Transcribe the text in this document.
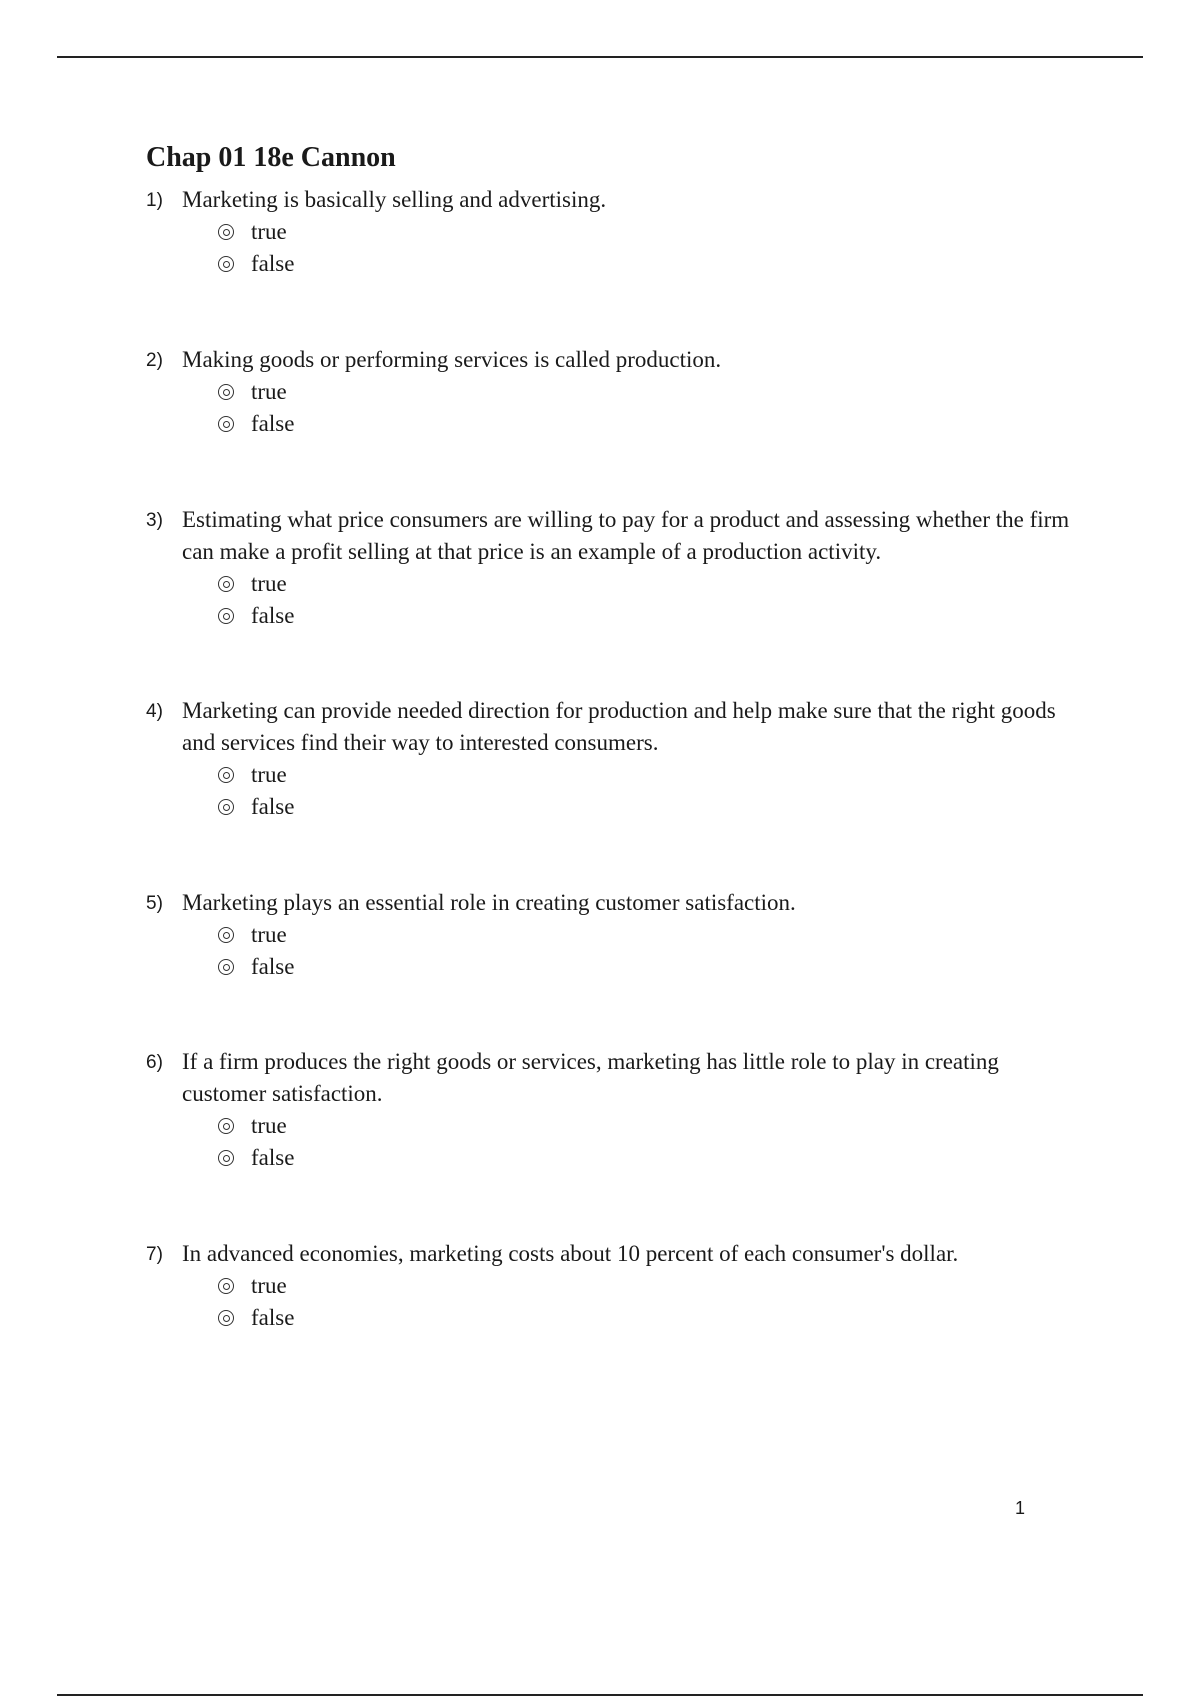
Chap 01 18e Cannon
1) Marketing is basically selling and advertising.
true
false
2) Making goods or performing services is called production.
true
false
3) Estimating what price consumers are willing to pay for a product and assessing whether the firm can make a profit selling at that price is an example of a production activity.
true
false
4) Marketing can provide needed direction for production and help make sure that the right goods and services find their way to interested consumers.
true
false
5) Marketing plays an essential role in creating customer satisfaction.
true
false
6) If a firm produces the right goods or services, marketing has little role to play in creating customer satisfaction.
true
false
7) In advanced economies, marketing costs about 10 percent of each consumer's dollar.
true
false
1
